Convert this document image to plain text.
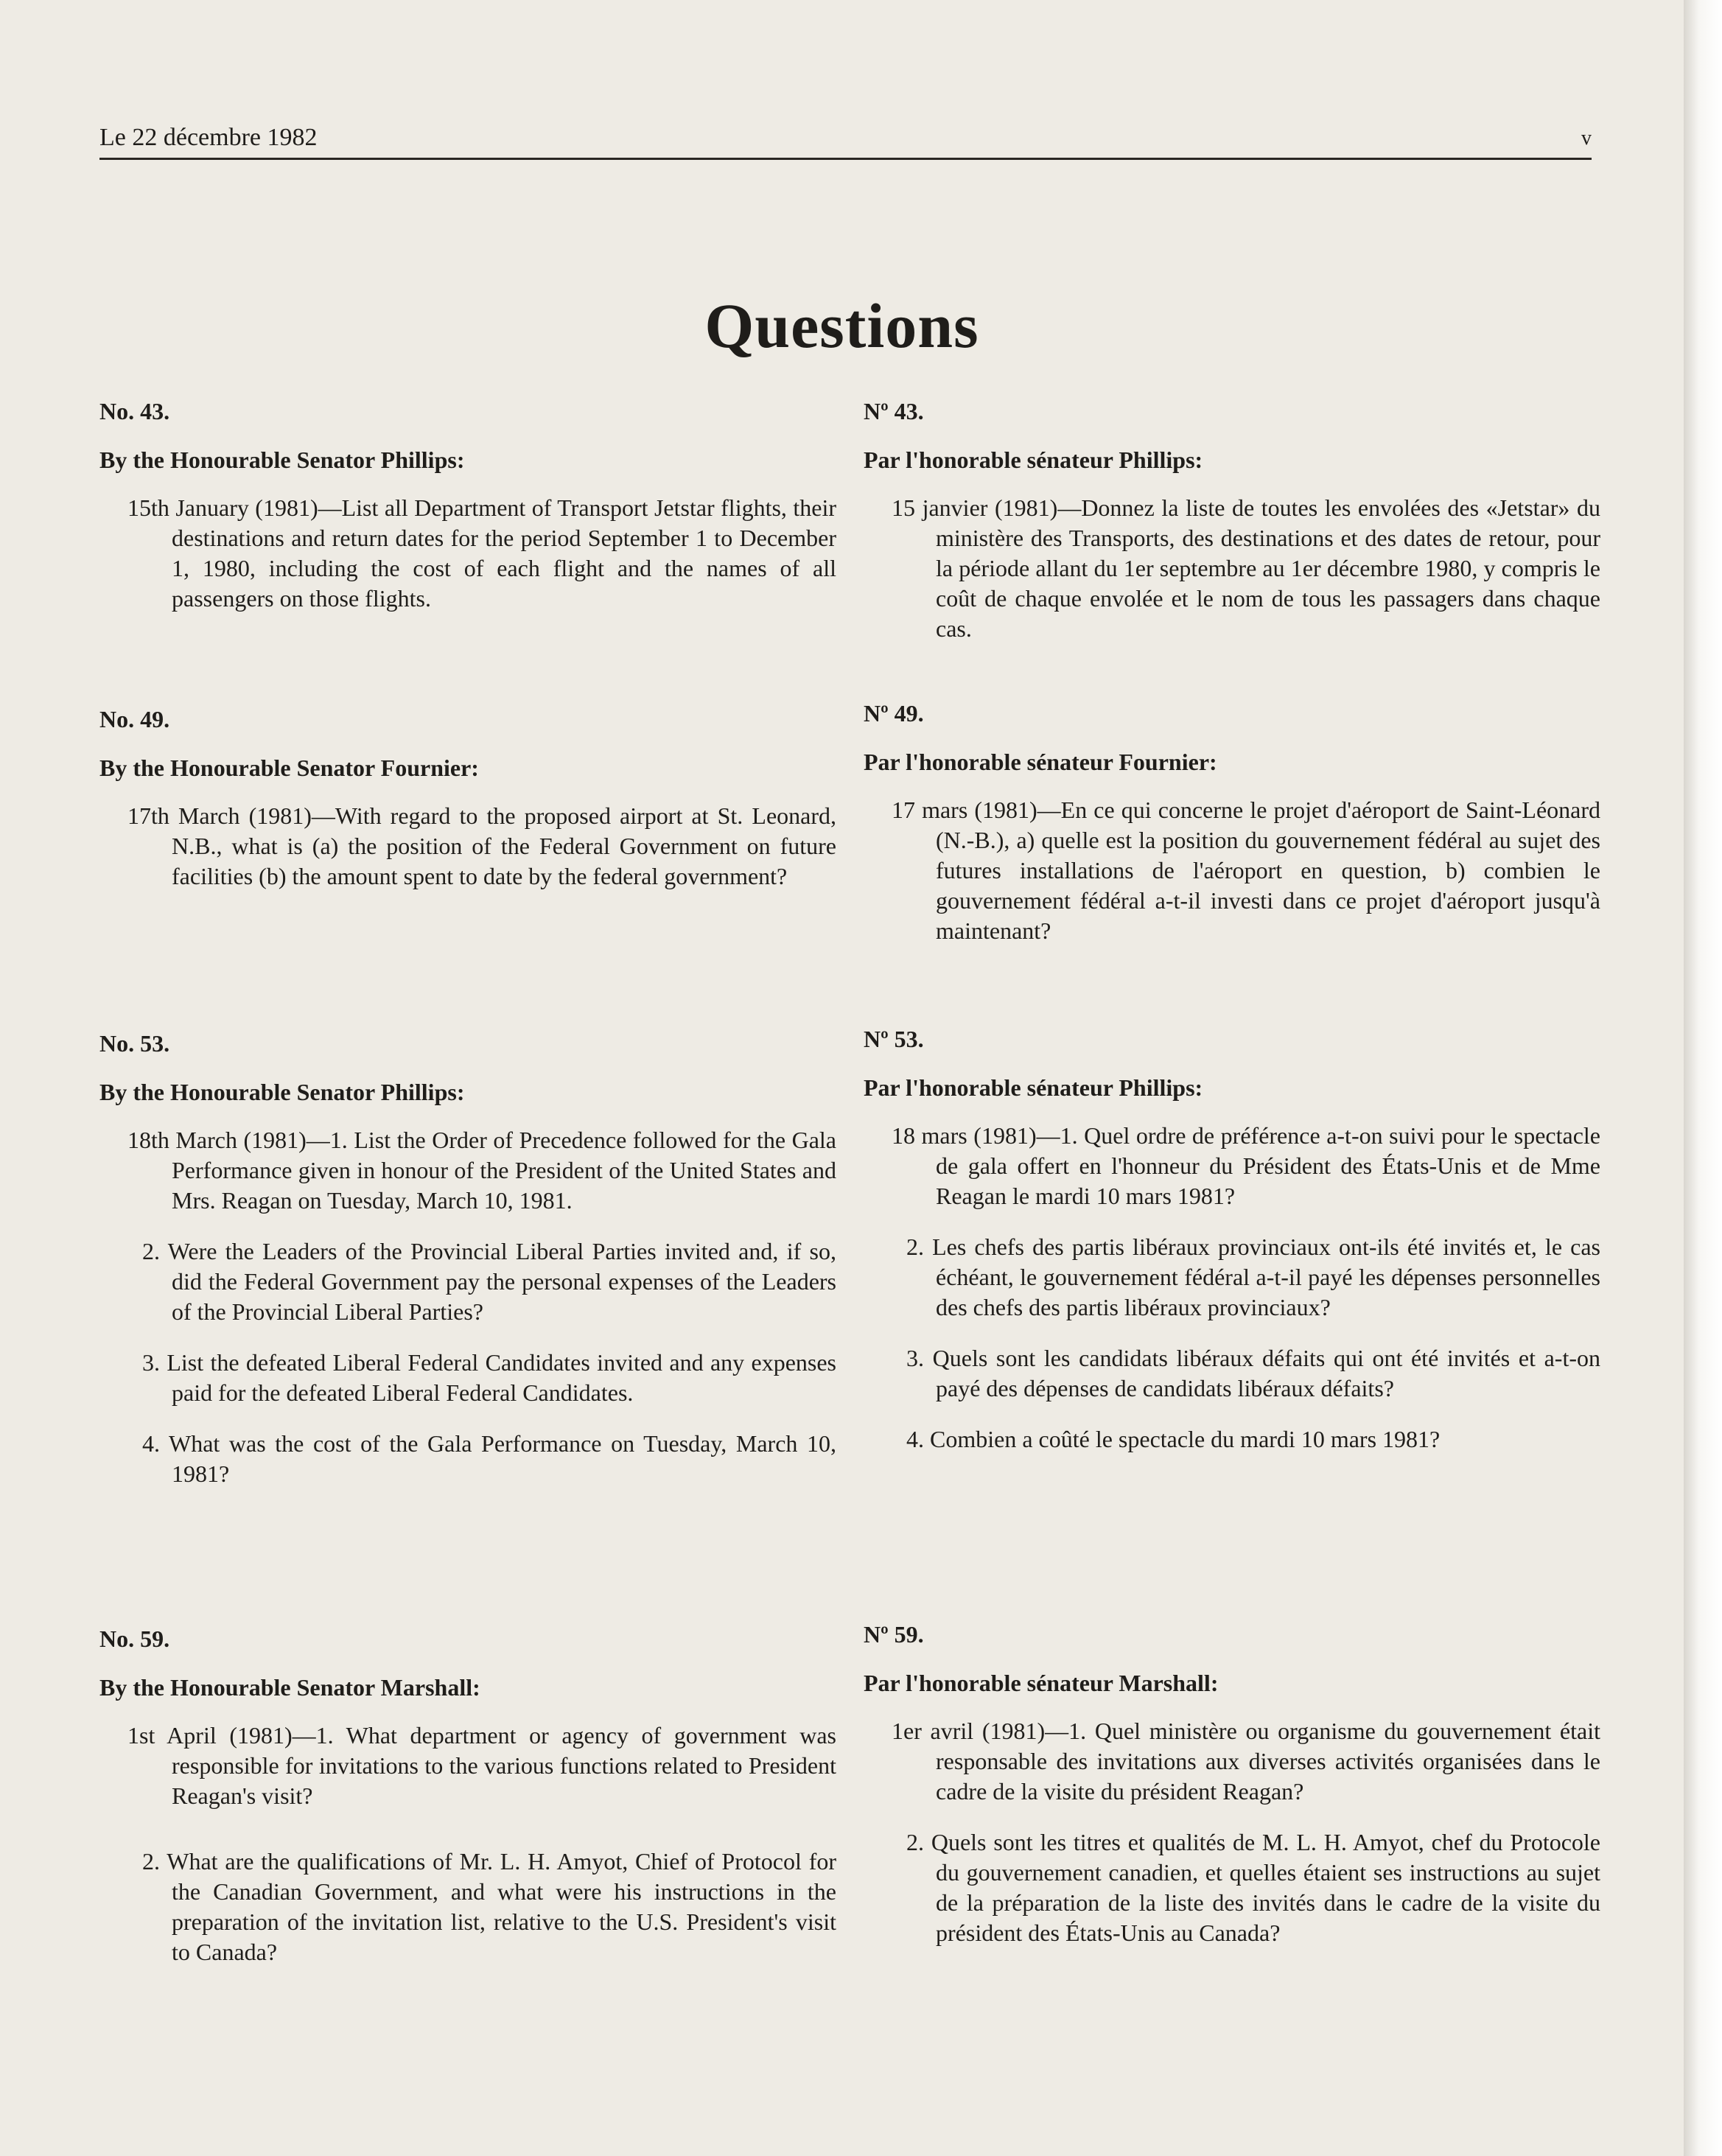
Le 22 décembre 1982	v
Questions
No. 43.
By the Honourable Senator Phillips:
15th January (1981)—List all Department of Transport Jetstar flights, their destinations and return dates for the period September 1 to December 1, 1980, including the cost of each flight and the names of all passengers on those flights.
No. 49.
By the Honourable Senator Fournier:
17th March (1981)—With regard to the proposed airport at St. Leonard, N.B., what is (a) the position of the Federal Government on future facilities (b) the amount spent to date by the federal government?
No. 53.
By the Honourable Senator Phillips:
18th March (1981)—1. List the Order of Precedence followed for the Gala Performance given in honour of the President of the United States and Mrs. Reagan on Tuesday, March 10, 1981.
2. Were the Leaders of the Provincial Liberal Parties invited and, if so, did the Federal Government pay the personal expenses of the Leaders of the Provincial Liberal Parties?
3. List the defeated Liberal Federal Candidates invited and any expenses paid for the defeated Liberal Federal Candidates.
4. What was the cost of the Gala Performance on Tuesday, March 10, 1981?
No. 59.
By the Honourable Senator Marshall:
1st April (1981)—1. What department or agency of government was responsible for invitations to the various functions related to President Reagan's visit?
2. What are the qualifications of Mr. L. H. Amyot, Chief of Protocol for the Canadian Government, and what were his instructions in the preparation of the invitation list, relative to the U.S. President's visit to Canada?
Nº 43.
Par l'honorable sénateur Phillips:
15 janvier (1981)—Donnez la liste de toutes les envolées des «Jetstar» du ministère des Transports, des destinations et des dates de retour, pour la période allant du 1er septembre au 1er décembre 1980, y compris le coût de chaque envolée et le nom de tous les passagers dans chaque cas.
Nº 49.
Par l'honorable sénateur Fournier:
17 mars (1981)—En ce qui concerne le projet d'aéroport de Saint-Léonard (N.-B.), a) quelle est la position du gouvernement fédéral au sujet des futures installations de l'aéroport en question, b) combien le gouvernement fédéral a-t-il investi dans ce projet d'aéroport jusqu'à maintenant?
Nº 53.
Par l'honorable sénateur Phillips:
18 mars (1981)—1. Quel ordre de préférence a-t-on suivi pour le spectacle de gala offert en l'honneur du Président des États-Unis et de Mme Reagan le mardi 10 mars 1981?
2. Les chefs des partis libéraux provinciaux ont-ils été invités et, le cas échéant, le gouvernement fédéral a-t-il payé les dépenses personnelles des chefs des partis libéraux provinciaux?
3. Quels sont les candidats libéraux défaits qui ont été invités et a-t-on payé des dépenses de candidats libéraux défaits?
4. Combien a coûté le spectacle du mardi 10 mars 1981?
Nº 59.
Par l'honorable sénateur Marshall:
1er avril (1981)—1. Quel ministère ou organisme du gouvernement était responsable des invitations aux diverses activités organisées dans le cadre de la visite du président Reagan?
2. Quels sont les titres et qualités de M. L. H. Amyot, chef du Protocole du gouvernement canadien, et quelles étaient ses instructions au sujet de la préparation de la liste des invités dans le cadre de la visite du président des États-Unis au Canada?
